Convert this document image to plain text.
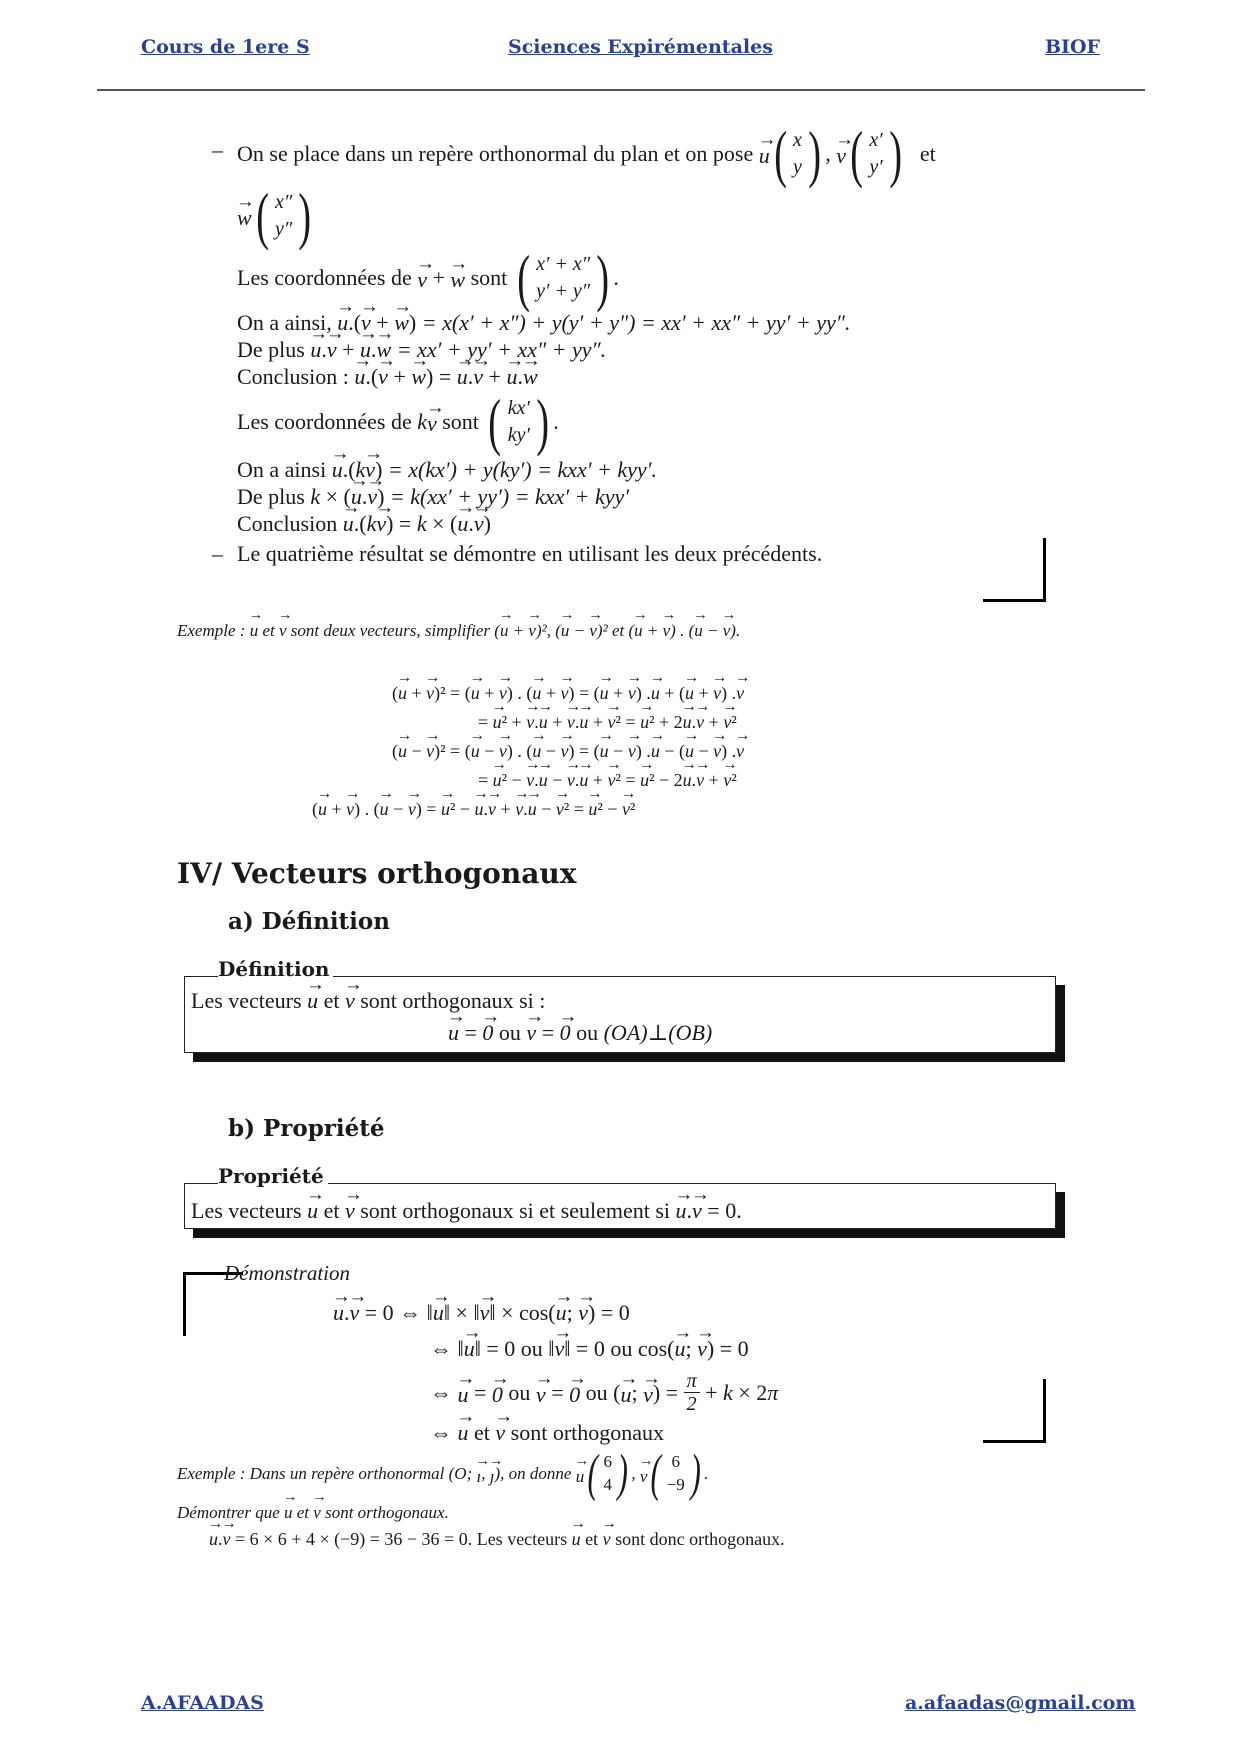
Cours de 1ere S	Sciences Expirémentales	BIOF
– On se place dans un repère orthonormal du plan et on pose
→ u ( x
y ) , → v ( x′
y′ ) et
→ w ( x″
y″ )
Les coordonnées de
→ v + → w
sont
( x′ + x″
y′ + y″ ) .
On a ainsi, → u.(→ v + → w) = x(x′ + x″) + y(y′ + y″) = xx′ + xx″ + yy′ + yy″.
De plus → u.→ v + → u.→ w = xx′ + yy′ + xx″ + yy″.
Conclusion : → u.(→ v + → w) = → u.→ v + → u.→ w
Les coordonnées de
k → v
sont
( kx′
ky′ ) .
On a ainsi → u.(k→ v) = x(kx′) + y(ky′) = kxx′ + kyy′.
De plus k × (→ u.→ v) = k(xx′ + yy′) = kxx′ + kyy′
Conclusion → u.(k→ v) = k × (→ u.→ v)
– Le quatrième résultat se démontre en utilisant les deux précédents.
Exemple : → u et → v sont deux vecteurs, simplifier (→ u + → v)², (→ u − → v)² et (→ u + → v) . (→ u − → v).
(→ u + → v)² = (→ u + → v) . (→ u + → v) = (→ u + → v) .→ u + (→ u + → v) .→ v
= → u² + → v.→ u + → v.→ u + → v² = → u² + 2→ u.→ v + → v²
(→ u − → v)² = (→ u − → v) . (→ u − → v) = (→ u − → v) .→ u − (→ u − → v) .→ v
= → u² − → v.→ u − → v.→ u + → v² = → u² − 2→ u.→ v + → v²
(→ u + → v) . (→ u − → v) = → u² − → u.→ v + → v.→ u − → v² = → u² − → v²
IV/ Vecteurs orthogonaux
a) Définition
Définition
Les vecteurs → u et → v sont orthogonaux si :
→ u = → 0 ou → v = → 0 ou (OA)⊥(OB)
b) Propriété
Propriété
Les vecteurs → u et → v sont orthogonaux si et seulement si → u.→ v = 0.
Démonstration
→ u.→ v = 0 ⇔ ‖→ u‖ × ‖→ v‖ × cos(→ u; → v) = 0
⇔ ‖→ u‖ = 0 ou ‖→ v‖ = 0 ou cos(→ u; → v) = 0
⇔ → u = → 0
ou
→ v = → 0
ou ( → u ; → v ) = π
2 + k × 2 π
⇔ → u et → v sont orthogonaux
Exemple : Dans un repère orthonormal (O; → ı , → ȷ ) , on donne
→ u ( 6
4 ) , → v ( 6
−9 ) .
Démontrer que → u et → v sont orthogonaux.
→ u.→ v = 6 × 6 + 4 × (−9) = 36 − 36 = 0. Les vecteurs → u et → v sont donc orthogonaux.
A.AFAADAS	a.afaadas@gmail.com
